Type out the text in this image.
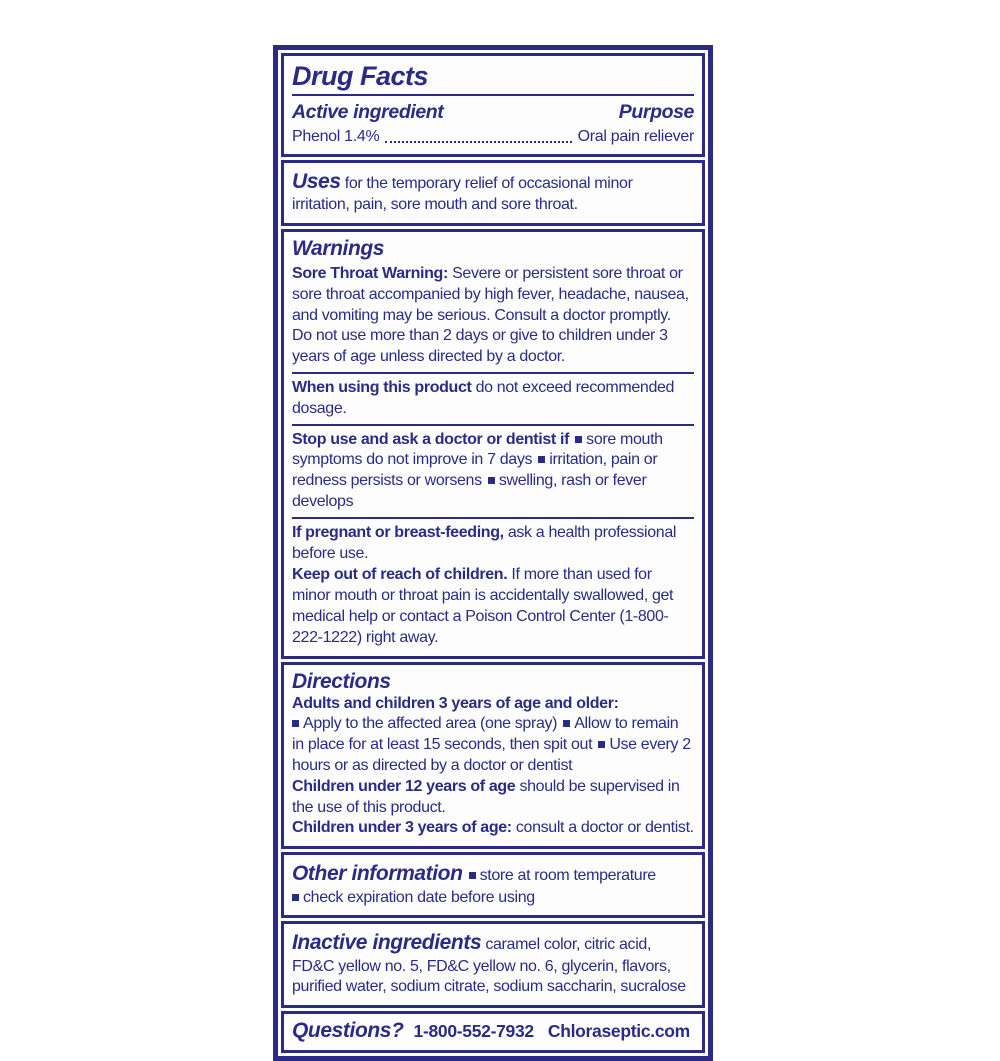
Drug Facts
Active ingredient	Purpose
Phenol 1.4%	Oral pain reliever

Uses for the temporary relief of occasional minor irritation, pain, sore mouth and sore throat.

Warnings

Sore Throat Warning: Severe or persistent sore throat or sore throat accompanied by high fever, headache, nausea, and vomiting may be serious. Consult a doctor promptly. Do not use more than 2 days or give to children under 3 years of age unless directed by a doctor.

When using this product do not exceed recommended dosage.

Stop use and ask a doctor or dentist if sore mouth symptoms do not improve in 7 days irritation, pain or redness persists or worsens swelling, rash or fever develops

If pregnant or breast-feeding, ask a health professional before use.

Keep out of reach of children. If more than used for minor mouth or throat pain is accidentally swallowed, get medical help or contact a Poison Control Center (1-800-222-1222) right away.

Directions

Adults and children 3 years of age and older:

Apply to the affected area (one spray) Allow to remain in place for at least 15 seconds, then spit out Use every 2 hours or as directed by a doctor or dentist

Children under 12 years of age should be supervised in the use of this product.

Children under 3 years of age: consult a doctor or dentist.

Other information store at room temperature

check expiration date before using

Inactive ingredients caramel color, citric acid, FD&C yellow no. 5, FD&C yellow no. 6, glycerin, flavors, purified water, sodium citrate, sodium saccharin, sucralose

Questions? 1-800-552-7932 Chloraseptic.com
